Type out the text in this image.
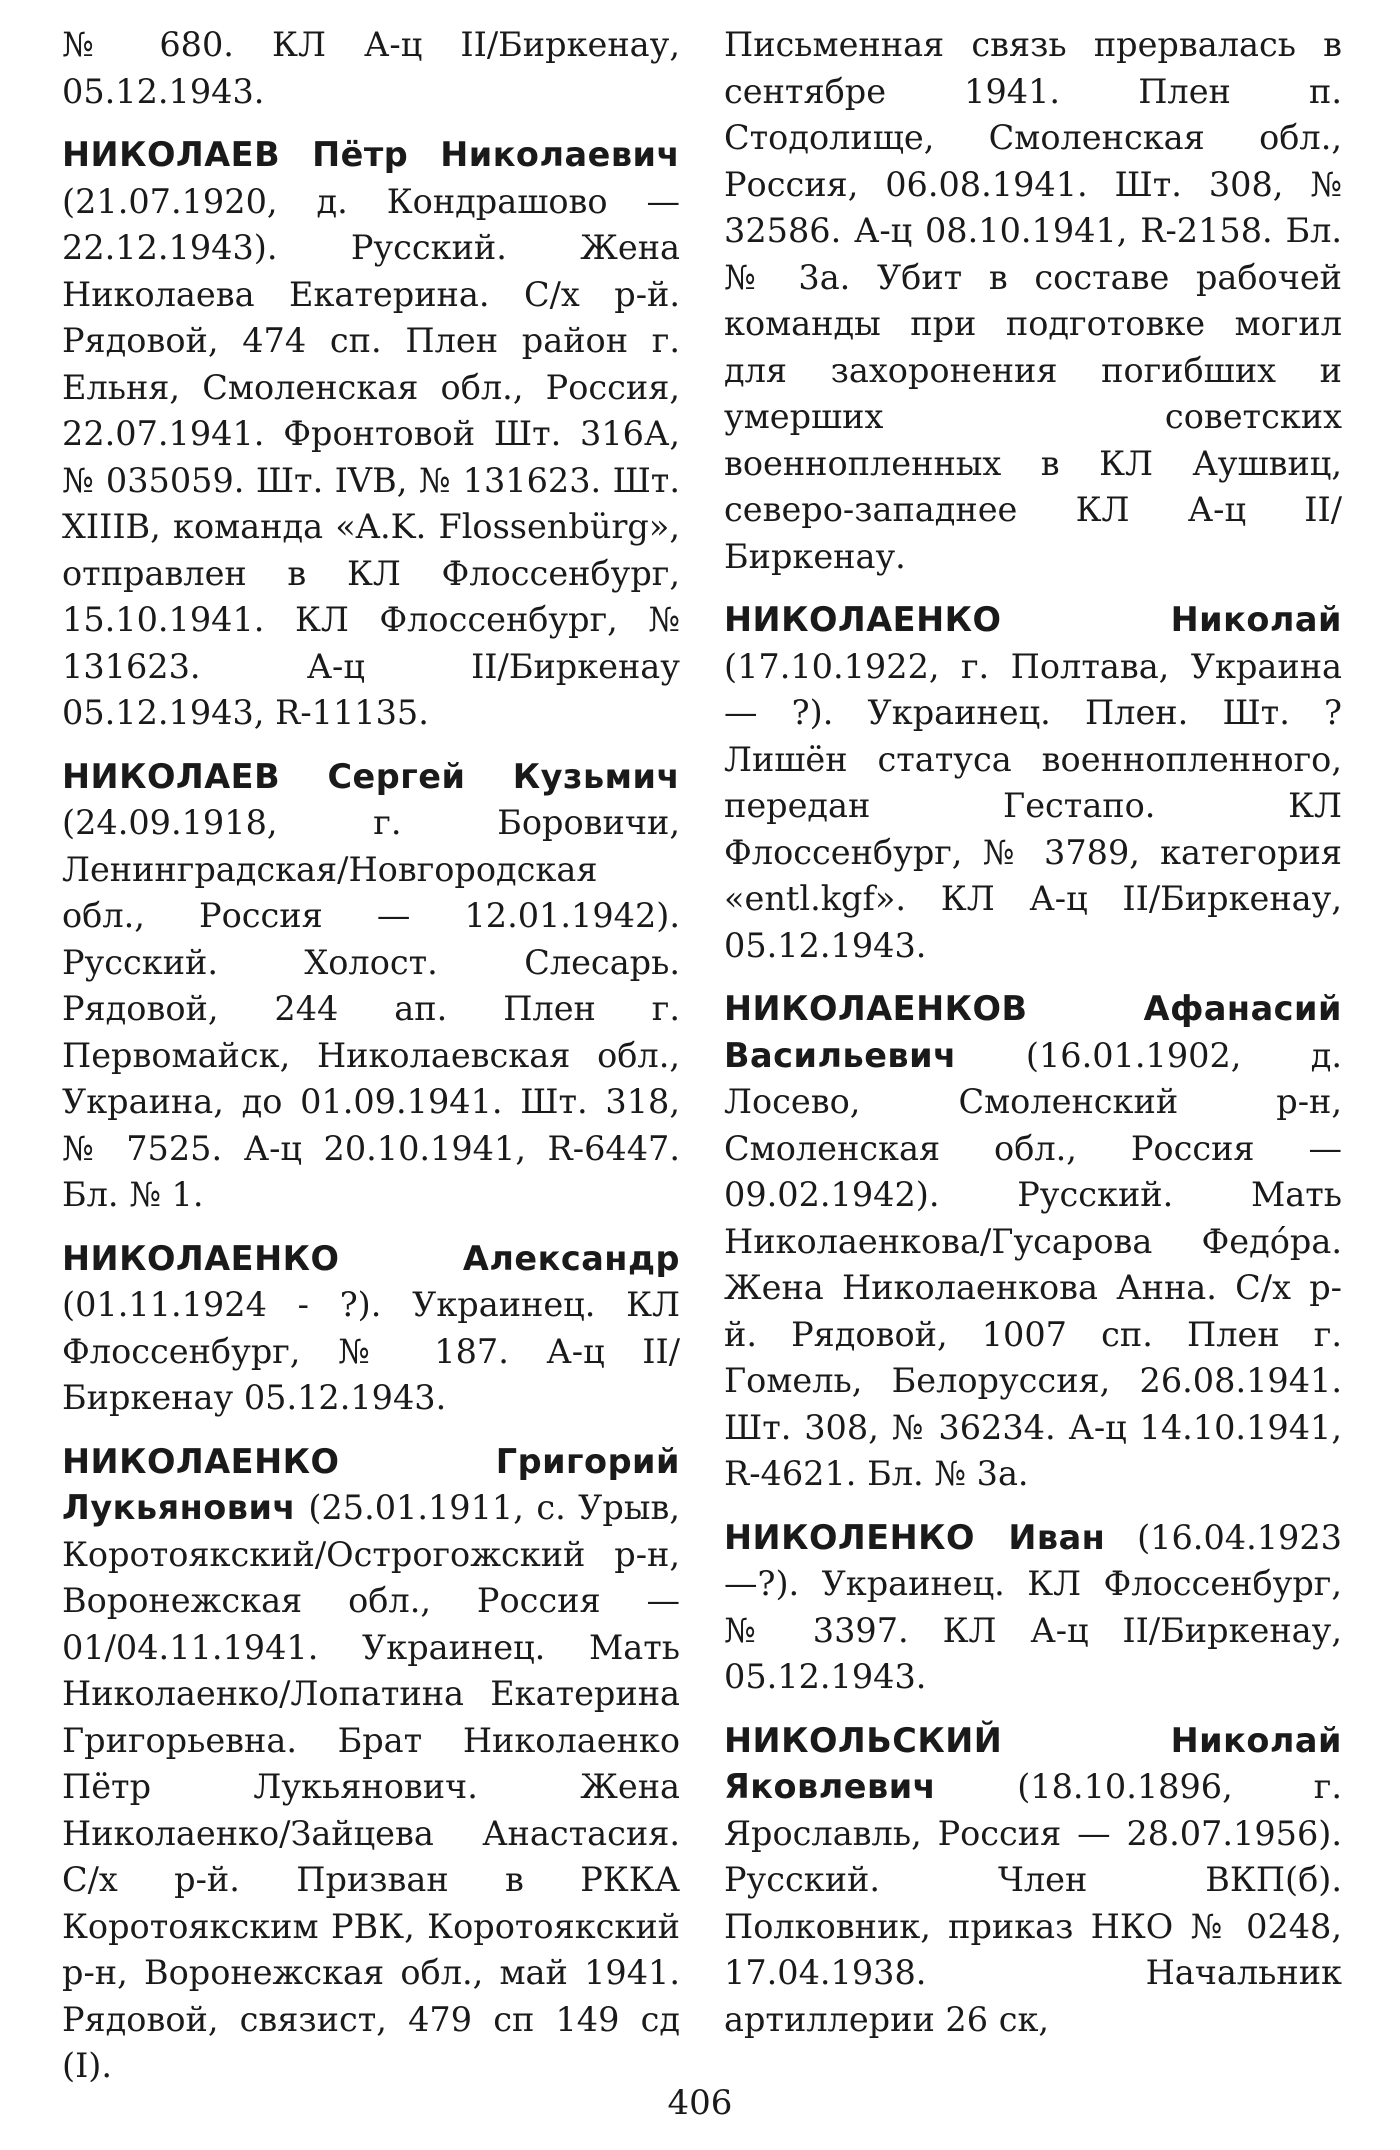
№ 680. КЛ А-ц II/Биркенау, 05.12.1943.

НИКОЛАЕВ Пётр Николаевич (21.07.1920, д. Кондрашово — 22.12.1943). Русский. Жена Николаева Екатерина. С/х р-й. Рядовой, 474 сп. Плен район г. Ельня, Смоленская обл., Россия, 22.07.1941. Фронтовой Шт. 316А, № 035059. Шт. IVB, № 131623. Шт. XIIIB, команда «A.K. Flossenbürg», отправлен в КЛ Флоссенбург, 15.10.1941. КЛ Флоссенбург, № 131623. А-ц II/Биркенау 05.12.1943, R-11135.

НИКОЛАЕВ Сергей Кузьмич (24.09.1918, г. Боровичи, Ленинградская/Новгородская обл., Россия — 12.01.1942). Русский. Холост. Слесарь. Рядовой, 244 ап. Плен г. Первомайск, Николаевская обл., Украина, до 01.09.1941. Шт. 318, № 7525. А-ц 20.10.1941, R-6447. Бл. № 1.

НИКОЛАЕНКО Александр (01.11.1924 - ?). Украинец. КЛ Флоссенбург, № 187. А-ц II/Биркенау 05.12.1943.

НИКОЛАЕНКО Григорий Лукьянович (25.01.1911, с. Урыв, Коротоякский/Острогожский р-н, Воронежская обл., Россия — 01/04.11.1941. Украинец. Мать Николаенко/Лопатина Екатерина Григорьевна. Брат Николаенко Пётр Лукьянович. Жена Николаенко/Зайцева Анастасия. С/х р-й. Призван в РККА Коротоякским РВК, Коротоякский р-н, Воронежская обл., май 1941. Рядовой, связист, 479 сп 149 сд (I).

Письменная связь прервалась в сентябре 1941. Плен п. Стодолище, Смоленская обл., Россия, 06.08.1941. Шт. 308, № 32586. А-ц 08.10.1941, R-2158. Бл. № 3а. Убит в составе рабочей команды при подготовке могил для захоронения погибших и умерших советских военнопленных в КЛ Аушвиц, северо-западнее КЛ А-ц II/Биркенау.

НИКОЛАЕНКО Николай (17.10.1922, г. Полтава, Украина — ?). Украинец. Плен. Шт. ? Лишён статуса военнопленного, передан Гестапо. КЛ Флоссенбург, № 3789, категория «entl.kgf». КЛ А-ц II/Биркенау, 05.12.1943.

НИКОЛАЕНКОВ Афанасий Васильевич (16.01.1902, д. Лосево, Смоленский р-н, Смоленская обл., Россия — 09.02.1942). Русский. Мать Николаенкова/Гусарова Федóра. Жена Николаенкова Анна. С/х р-й. Рядовой, 1007 сп. Плен г. Гомель, Белоруссия, 26.08.1941. Шт. 308, № 36234. А-ц 14.10.1941, R-4621. Бл. № 3а.

НИКОЛЕНКО Иван (16.04.1923—?). Украинец. КЛ Флоссенбург, № 3397. КЛ А-ц II/Биркенау, 05.12.1943.

НИКОЛЬСКИЙ Николай Яковлевич (18.10.1896, г. Ярославль, Россия — 28.07.1956). Русский. Член ВКП(б). Полковник, приказ НКО № 0248, 17.04.1938. Начальник артиллерии 26 ск,

406
